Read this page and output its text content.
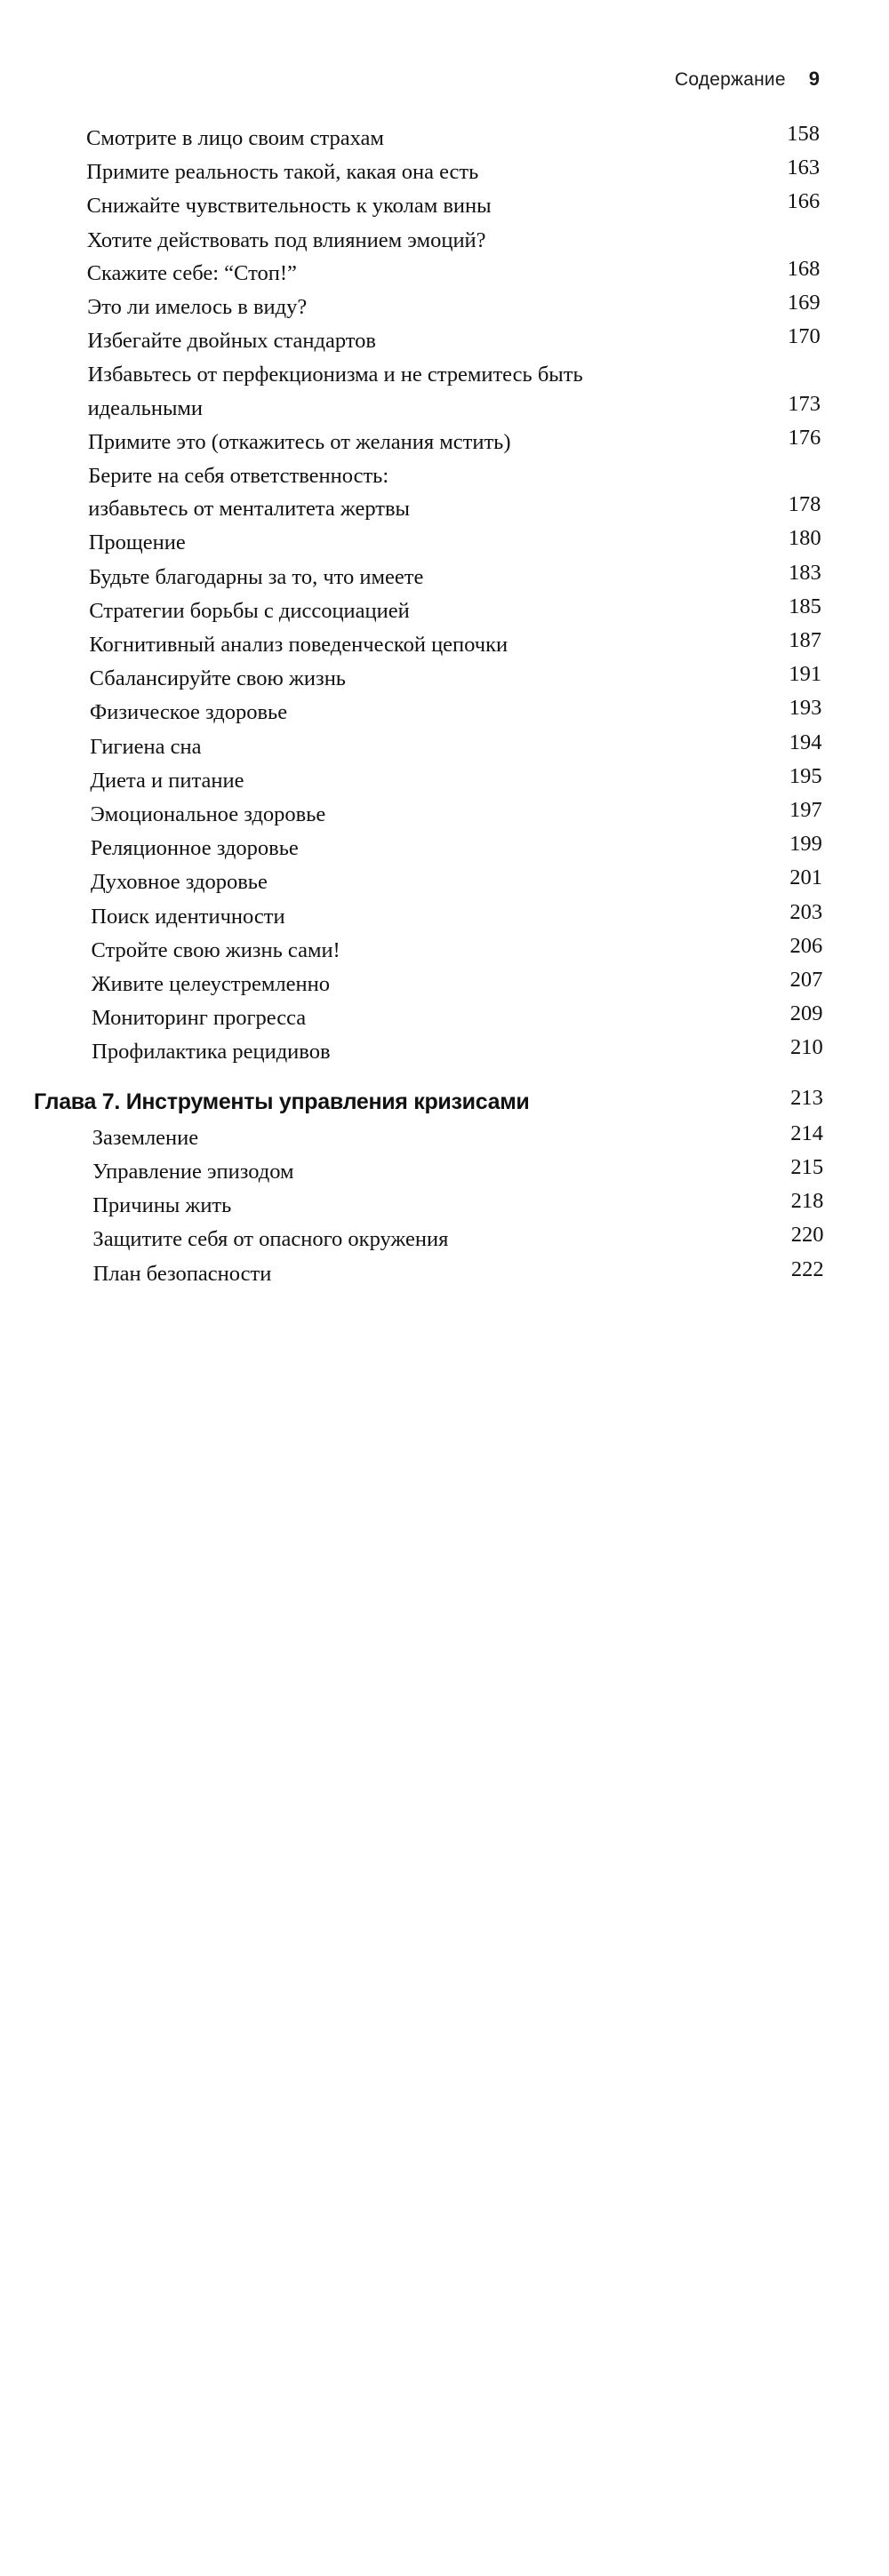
Содержание 9
Смотрите в лицо своим страхам	158
Примите реальность такой, какая она есть	163
Снижайте чувствительность к уколам вины	166
Хотите действовать под влиянием эмоций?
Скажите себе: “Стоп!”	168
Это ли имелось в виду?	169
Избегайте двойных стандартов	170
Избавьтесь от перфекционизма и не стремитесь быть
идеальными	173
Примите это (откажитесь от желания мстить)	176
Берите на себя ответственность:
избавьтесь от менталитета жертвы	178
Прощение	180
Будьте благодарны за то, что имеете	183
Стратегии борьбы с диссоциацией	185
Когнитивный анализ поведенческой цепочки	187
Сбалансируйте свою жизнь	191
Физическое здоровье	193
Гигиена сна	194
Диета и питание	195
Эмоциональное здоровье	197
Реляционное здоровье	199
Духовное здоровье	201
Поиск идентичности	203
Стройте свою жизнь сами!	206
Живите целеустремленно	207
Мониторинг прогресса	209
Профилактика рецидивов	210
Глава 7. Инструменты управления кризисами	213
Заземление	214
Управление эпизодом	215
Причины жить	218
Защитите себя от опасного окружения	220
План безопасности	222
